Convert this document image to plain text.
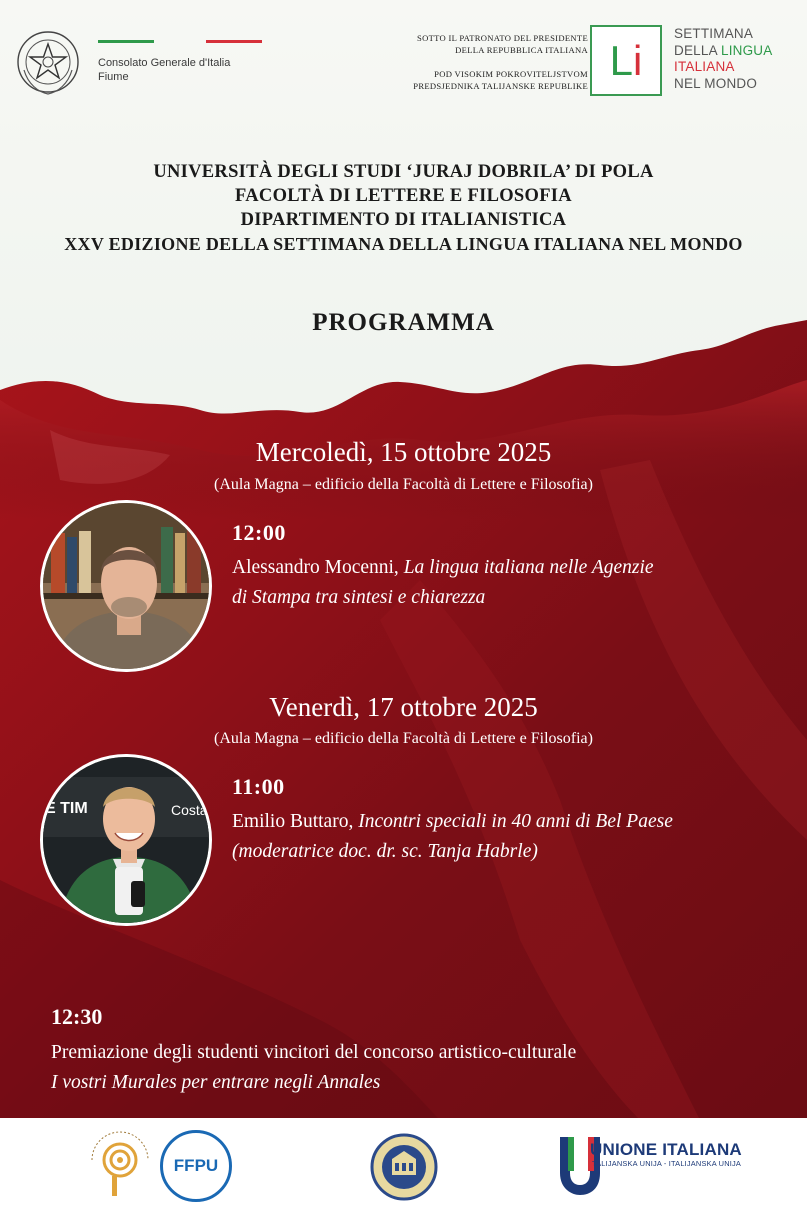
Consolato Generale d'Italia
Fiume
SOTTO IL PATRONATO DEL PRESIDENTE
DELLA REPUBBLICA ITALIANA
POD VISOKIM POKROVITELJSTVOM
PREDSJEDNIKA TALIJANSKE REPUBLIKE
L i
SETTIMANA
DELLA LINGUA
ITALIANA
NEL MONDO
UNIVERSITÀ DEGLI STUDI ‘JURAJ DOBRILA’ DI POLA
FACOLTÀ DI LETTERE E FILOSOFIA
DIPARTIMENTO DI ITALIANISTICA
XXV EDIZIONE DELLA SETTIMANA DELLA LINGUA ITALIANA NEL MONDO
PROGRAMMA
Mercoledì, 15 ottobre 2025
(Aula Magna – edificio della Facoltà di Lettere e Filosofia)
12:00
Alessandro Mocenni, La lingua italiana nelle Agenzie
di Stampa tra sintesi e chiarezza
Venerdì, 17 ottobre 2025
(Aula Magna – edificio della Facoltà di Lettere e Filosofia)
E TIM	Costa
11:00
Emilio Buttaro, Incontri speciali in 40 anni di Bel Paese
(moderatrice doc. dr. sc. Tanja Habrle)
12:30
Premiazione degli studenti vincitori del concorso artistico-culturale
I vostri Murales per entrare negli Annales
FFPU
UNIONE ITALIANA
TALIJANSKA UNIJA - ITALIJANSKA UNIJA
